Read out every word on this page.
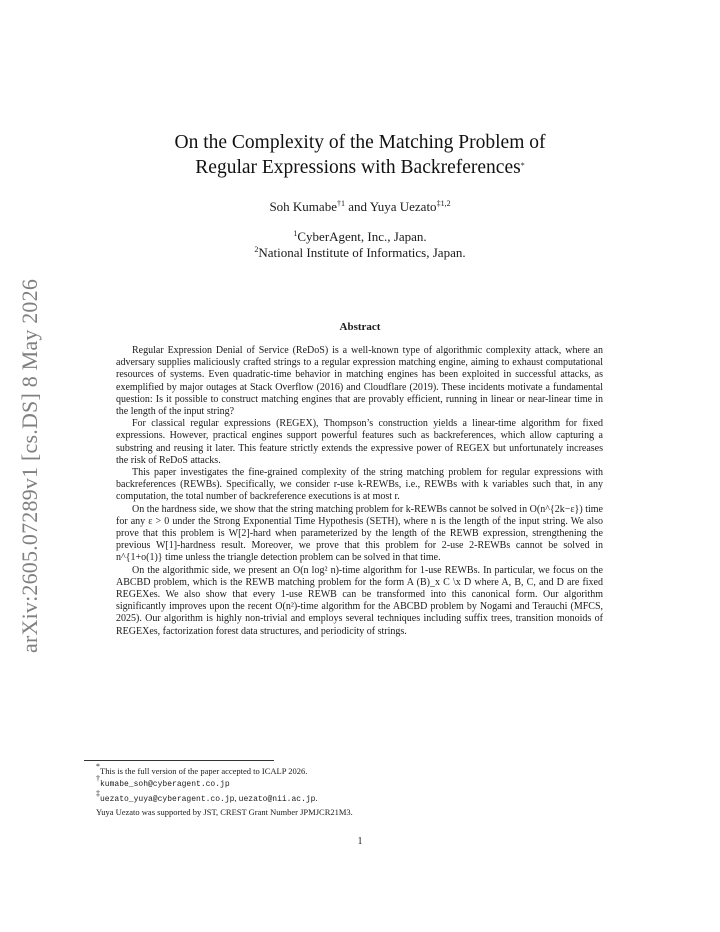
arXiv:2605.07289v1 [cs.DS] 8 May 2026
On the Complexity of the Matching Problem of
Regular Expressions with Backreferences*
Soh Kumabe$^{\dagger 1}$ and Yuya Uezato$^{\ddagger 1,2}$
$^1$CyberAgent, Inc., Japan.
$^2$National Institute of Informatics, Japan.
Abstract

Regular Expression Denial of Service (ReDoS) is a well-known type of algorithmic complexity attack, where an adversary supplies maliciously crafted strings to a regular expression matching engine, aiming to exhaust computational resources of systems. Even quadratic-time behavior in matching engines has been exploited in successful attacks, as exemplified by major outages at Stack Overflow (2016) and Cloudflare (2019). These incidents motivate a fundamental question: Is it possible to construct matching engines that are provably efficient, running in linear or near-linear time in the length of the input string?

For classical regular expressions (REGEX), Thompson’s construction yields a linear-time algorithm for fixed expressions. However, practical engines support powerful features such as backreferences, which allow capturing a substring and reusing it later. This feature strictly extends the expressive power of REGEX but unfortunately increases the risk of ReDoS attacks.

This paper investigates the fine-grained complexity of the string matching problem for regular expressions with backreferences (REWBs). Specifically, we consider r-use k-REWBs, i.e., REWBs with k variables such that, in any computation, the total number of backreference executions is at most r.

On the hardness side, we show that the string matching problem for k-REWBs cannot be solved in O(n^{2k−ε}) time for any ε > 0 under the Strong Exponential Time Hypothesis (SETH), where n is the length of the input string. We also prove that this problem is W[2]-hard when parameterized by the length of the REWB expression, strengthening the previous W[1]-hardness result. Moreover, we prove that this problem for 2-use 2-REWBs cannot be solved in n^{1+o(1)} time unless the triangle detection problem can be solved in that time.

On the algorithmic side, we present an O(n log² n)-time algorithm for 1-use REWBs. In particular, we focus on the ABCBD problem, which is the REWB matching problem for the form A (B)_x C \x D where A, B, C, and D are fixed REGEXes. We also show that every 1-use REWB can be transformed into this canonical form. Our algorithm significantly improves upon the recent O(n²)-time algorithm for the ABCBD problem by Nogami and Terauchi (MFCS, 2025). Our algorithm is highly non-trivial and employs several techniques including suffix trees, transition monoids of REGEXes, factorization forest data structures, and periodicity of strings.

*This is the full version of the paper accepted to ICALP 2026.
†kumabe_soh@cyberagent.co.jp
‡uezato_yuya@cyberagent.co.jp, uezato@nii.ac.jp.
Yuya Uezato was supported by JST, CREST Grant Number JPMJCR21M3.
1
